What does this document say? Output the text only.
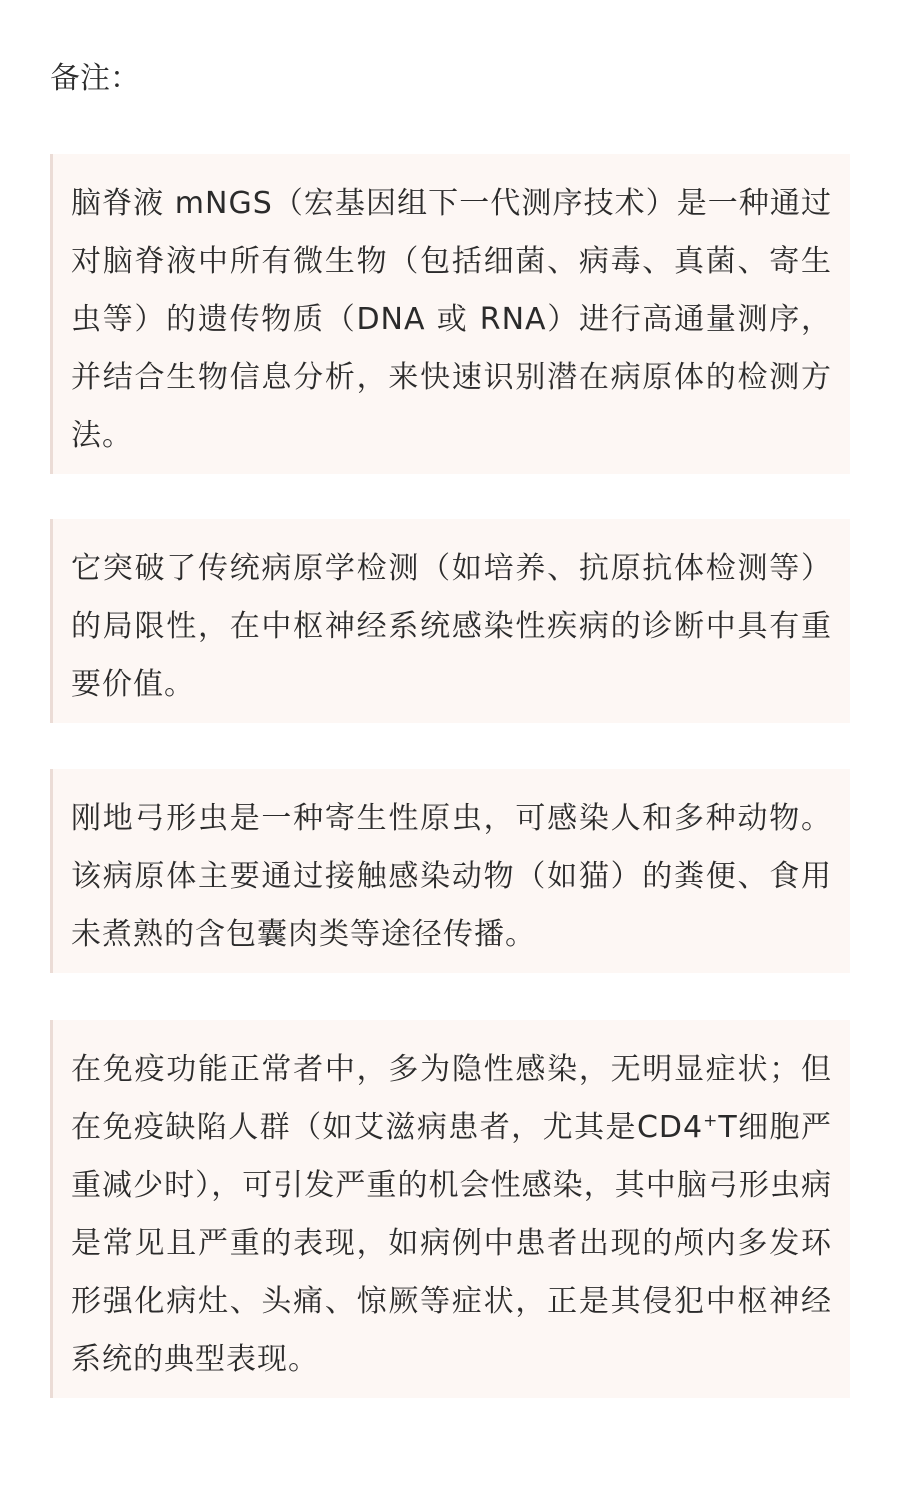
备注：

脑脊液 mNGS（宏基因组下一代测序技术）是一种通过对脑脊液中所有微生物（包括细菌、病毒、真菌、寄生虫等）的遗传物质（DNA 或 RNA）进行高通量测序，并结合生物信息分析，来快速识别潜在病原体的检测方法。

它突破了传统病原学检测（如培养、抗原抗体检测等）的局限性，在中枢神经系统感染性疾病的诊断中具有重要价值。

刚地弓形虫是一种寄生性原虫，可感染人和多种动物。该病原体主要通过接触感染动物（如猫）的粪便、食用未煮熟的含包囊肉类等途径传播。

在免疫功能正常者中，多为隐性感染，无明显症状；但在免疫缺陷人群（如艾滋病患者，尤其是CD4+T细胞严重减少时），可引发严重的机会性感染，其中脑弓形虫病是常见且严重的表现，如病例中患者出现的颅内多发环形强化病灶、头痛、惊厥等症状，正是其侵犯中枢神经系统的典型表现。
